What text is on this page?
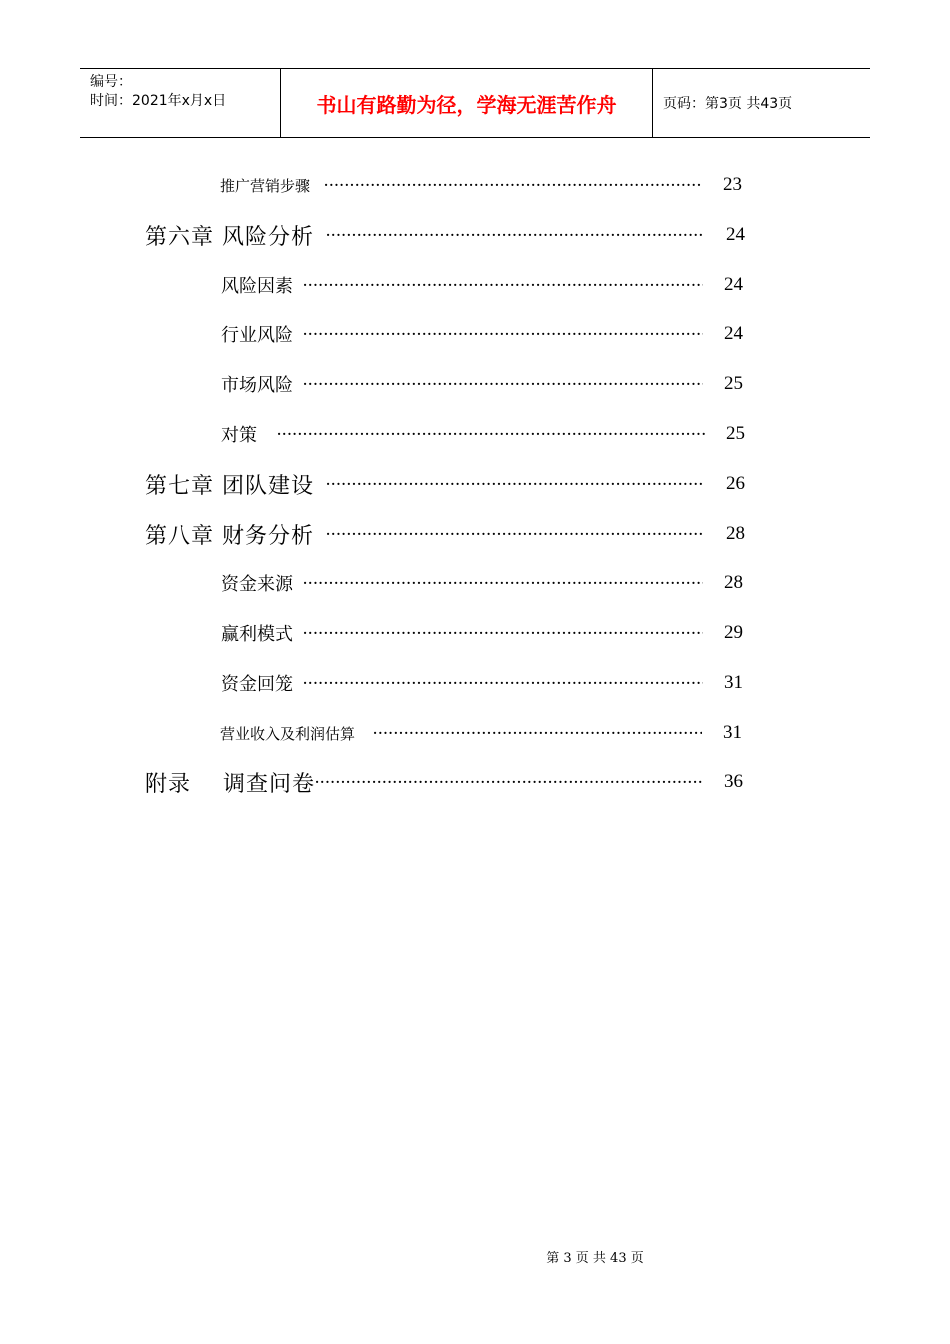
编号：
时间：2021年x月x日	书山有路勤为径，学海无涯苦作舟	页码：第3页 共43页
推广营销步骤 ·····	23
第六章 风险分析 ·····	24
风险因素 ·····	24
行业风险 ·····	24
市场风险 ·····	25
对策 ·····	25
第七章 团队建设 ·····	26
第八章 财务分析 ·····	28
资金来源 ·····	28
赢利模式 ·····	29
资金回笼 ·····	31
营业收入及利润估算 ·····	31
附录    调查问卷 ·····	36
第 3 页 共 43 页
